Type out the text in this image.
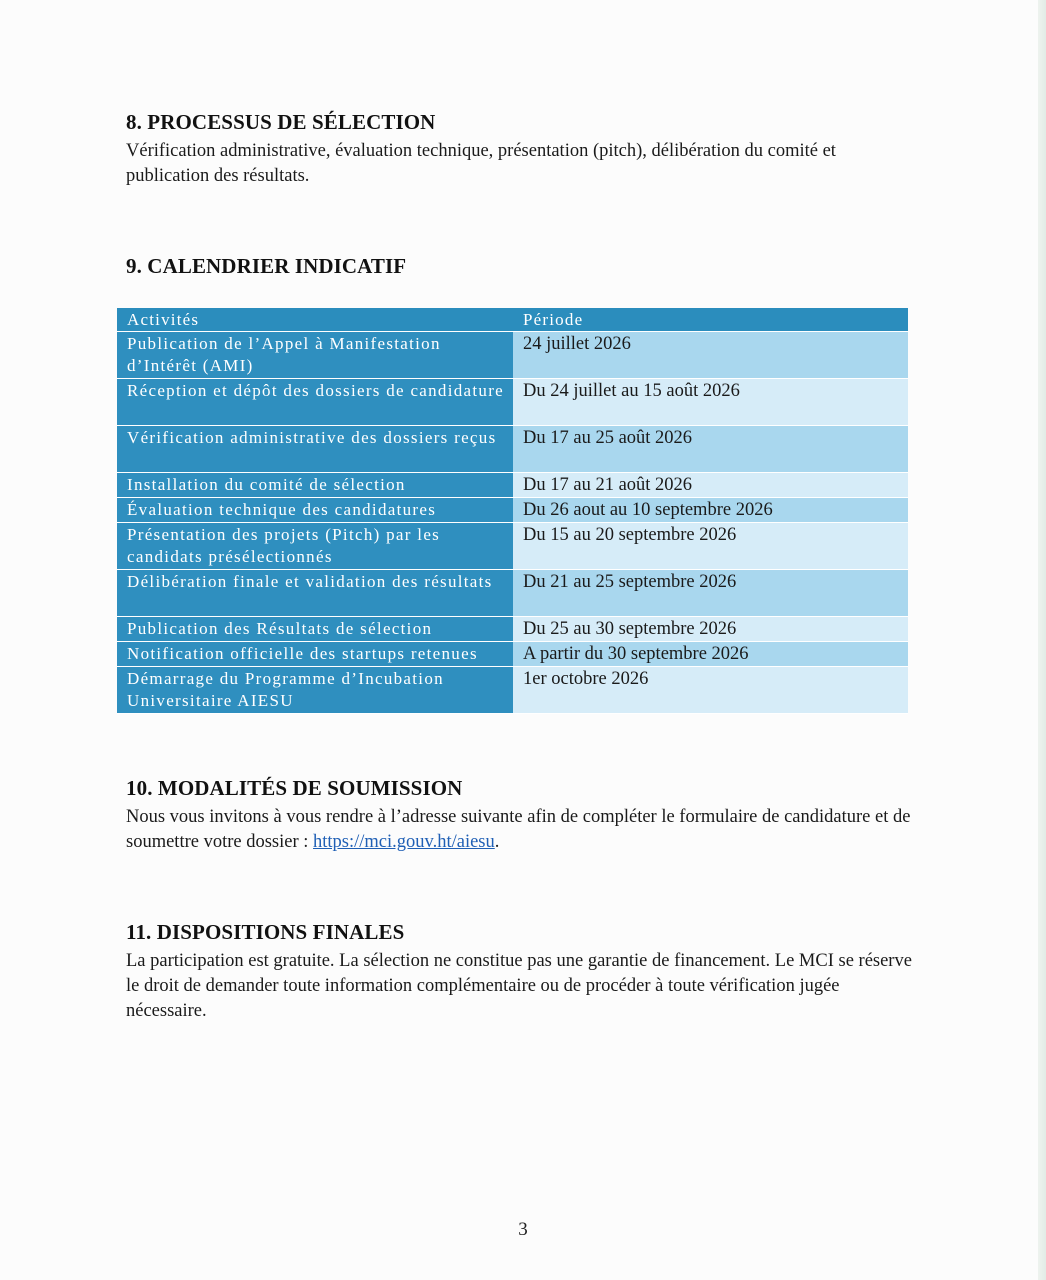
8. PROCESSUS DE SÉLECTION

Vérification administrative, évaluation technique, présentation (pitch), délibération du comité et publication des résultats.

9. CALENDRIER INDICATIF
Activités	Période
Publication de l’Appel à Manifestation d’Intérêt (AMI)	24 juillet 2026
Réception et dépôt des dossiers de candidature	Du 24 juillet au 15 août 2026
Vérification administrative des dossiers reçus	Du 17 au 25 août 2026
Installation du comité de sélection	Du 17 au 21 août 2026
Évaluation technique des candidatures	Du 26 aout au 10 septembre 2026
Présentation des projets (Pitch) par les candidats présélectionnés	Du 15 au 20 septembre 2026
Délibération finale et validation des résultats	Du 21 au 25 septembre 2026
Publication des Résultats de sélection	Du 25 au 30 septembre 2026
Notification officielle des startups retenues	A partir du 30 septembre 2026
Démarrage du Programme d’Incubation Universitaire AIESU	1er octobre 2026
10. MODALITÉS DE SOUMISSION

Nous vous invitons à vous rendre à l’adresse suivante afin de compléter le formulaire de candidature et de soumettre votre dossier : https://mci.gouv.ht/aiesu.

11. DISPOSITIONS FINALES

La participation est gratuite. La sélection ne constitue pas une garantie de financement. Le MCI se réserve le droit de demander toute information complémentaire ou de procéder à toute vérification jugée nécessaire.

3
